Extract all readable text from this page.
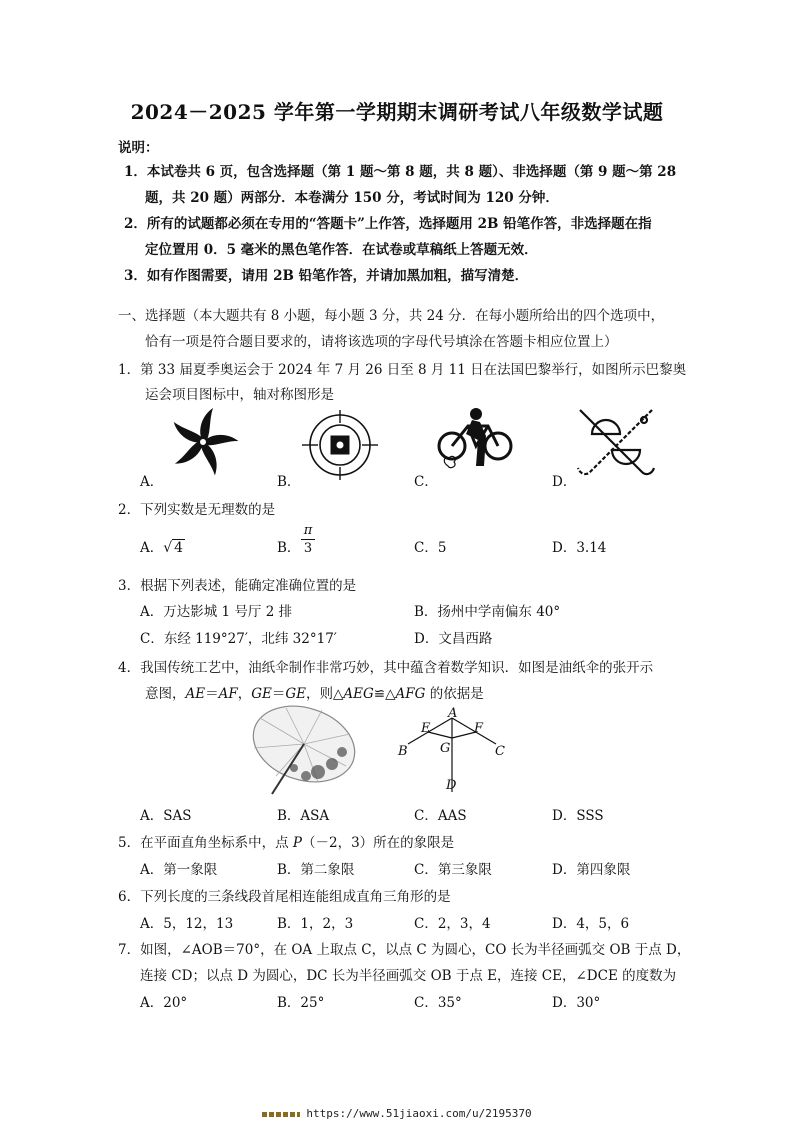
2024－2025 学年第一学期期末调研考试八年级数学试题
说明：
1．本试卷共 6 页，包含选择题（第 1 题～第 8 题，共 8 题）、非选择题（第 9 题～第 28
题，共 20 题）两部分．本卷满分 150 分，考试时间为 120 分钟．
2．所有的试题都必须在专用的“答题卡”上作答，选择题用 2B 铅笔作答，非选择题在指
定位置用 0．5 毫米的黑色笔作答．在试卷或草稿纸上答题无效．
3．如有作图需要，请用 2B 铅笔作答，并请加黑加粗，描写清楚．
一、选择题（本大题共有 8 小题，每小题 3 分，共 24 分．在每小题所给出的四个选项中，
恰有一项是符合题目要求的，请将该选项的字母代号填涂在答题卡相应位置上）
1．第 33 届夏季奥运会于 2024 年 7 月 26 日至 8 月 11 日在法国巴黎举行，如图所示巴黎奥
运会项目图标中，轴对称图形是
A．	B．	C．	D．
2．下列实数是无理数的是
A．√ 4	B．
π
3	C．5	D．3.14
3．根据下列表述，能确定准确位置的是
A．万达影城 1 号厅 2 排	B．扬州中学南偏东 40°
C．东经 119°27′，北纬 32°17′	D．文昌西路
4．我国传统工艺中，油纸伞制作非常巧妙，其中蕴含着数学知识．如图是油纸伞的张开示
意图，AE＝AF，GE＝GE，则△AEG≌△AFG 的依据是
A
E	F
B G	C
D
A．SAS	B．ASA	C．AAS	D．SSS
5．在平面直角坐标系中，点 P（－2，3）所在的象限是
A．第一象限	B．第二象限	C．第三象限	D．第四象限
6．下列长度的三条线段首尾相连能组成直角三角形的是
A．5，12，13	B．1，2，3	C．2，3，4	D．4，5，6
7．如图，∠AOB＝70°，在 OA 上取点 C，以点 C 为圆心，CO 长为半径画弧交 OB 于点 D，
连接 CD；以点 D 为圆心，DC 长为半径画弧交 OB 于点 E，连接 CE，∠DCE 的度数为
A．20°	B．25°	C．35°	D．30°
https://www.51jiaoxi.com/u/2195370
